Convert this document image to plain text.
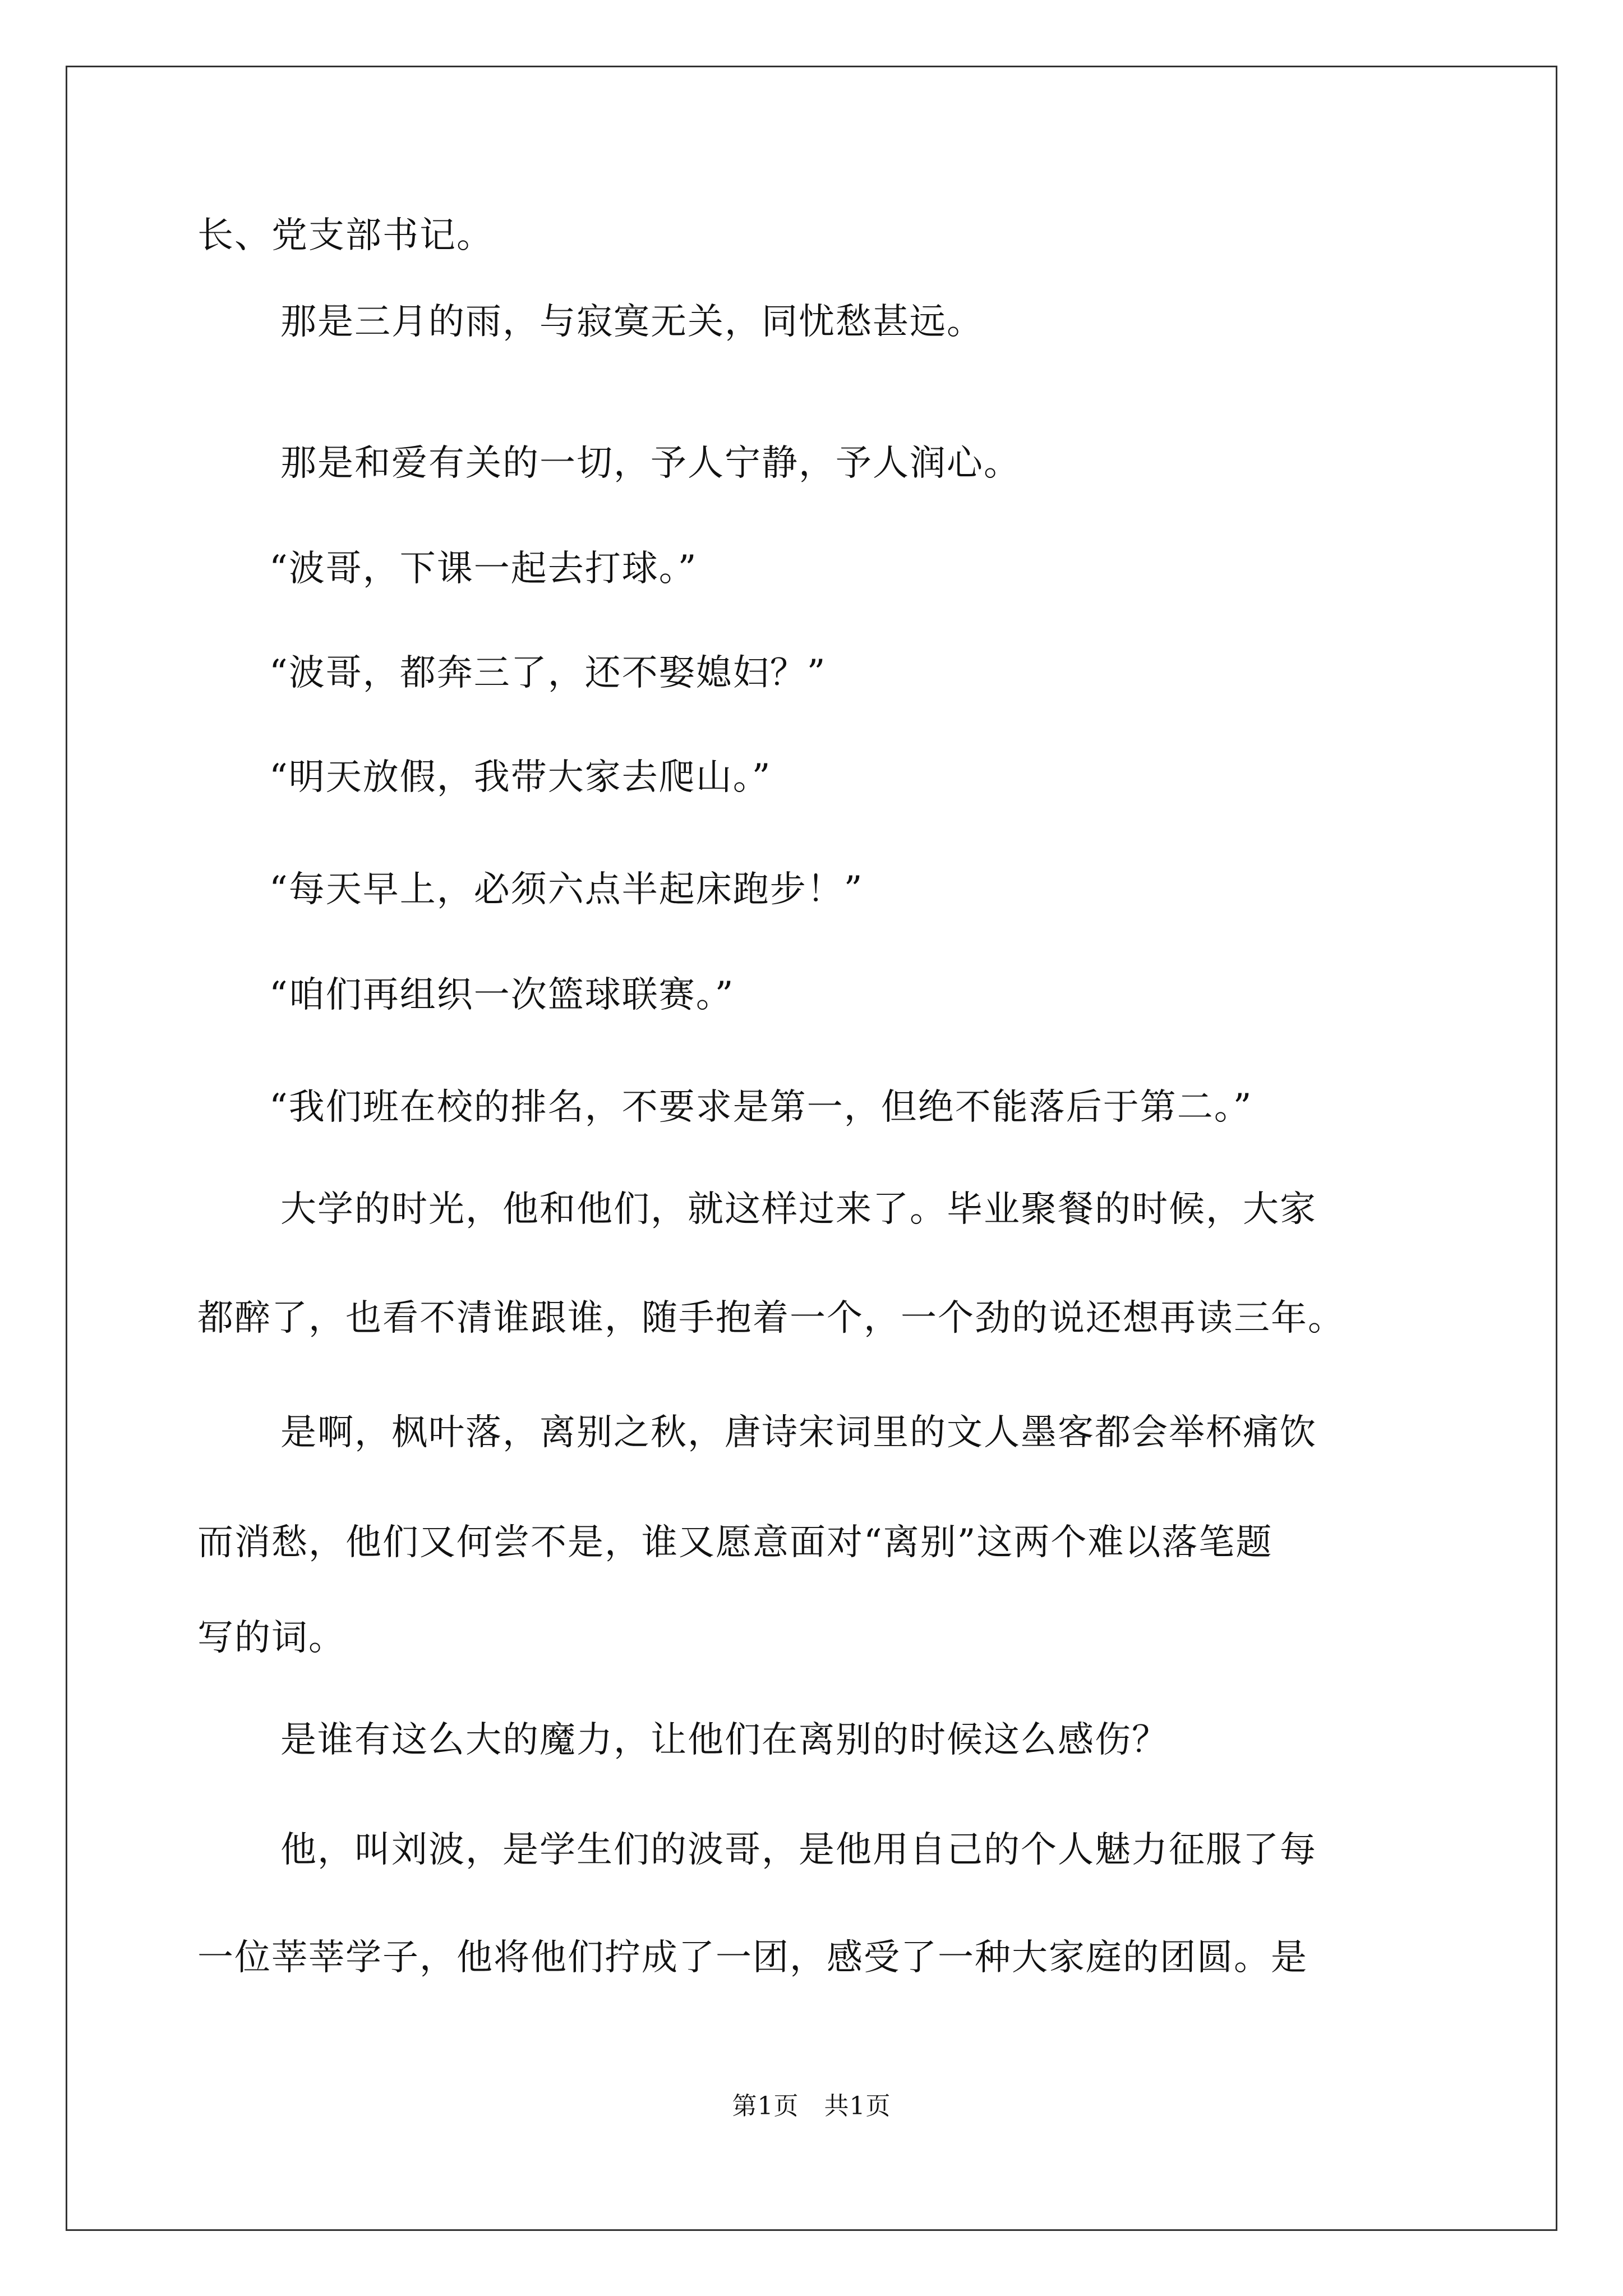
长、党支部书记。
那是三月的雨，与寂寞无关，同忧愁甚远。
那是和爱有关的一切，予人宁静，予人润心。
“波哥，下课一起去打球。”
“波哥，都奔三了，还不娶媳妇？”
“明天放假，我带大家去爬山。”
“每天早上，必须六点半起床跑步！”
“咱们再组织一次篮球联赛。”
“我们班在校的排名，不要求是第一，但绝不能落后于第二。”
大学的时光，他和他们，就这样过来了。毕业聚餐的时候，大家
都醉了，也看不清谁跟谁，随手抱着一个，一个劲的说还想再读三年。
是啊，枫叶落，离别之秋，唐诗宋词里的文人墨客都会举杯痛饮
而消愁，他们又何尝不是，谁又愿意面对“离别”这两个难以落笔题
写的词。
是谁有这么大的魔力，让他们在离别的时候这么感伤？
他，叫刘波，是学生们的波哥，是他用自己的个人魅力征服了每
一位莘莘学子，他将他们拧成了一团，感受了一种大家庭的团圆。是
第1页　共1页
